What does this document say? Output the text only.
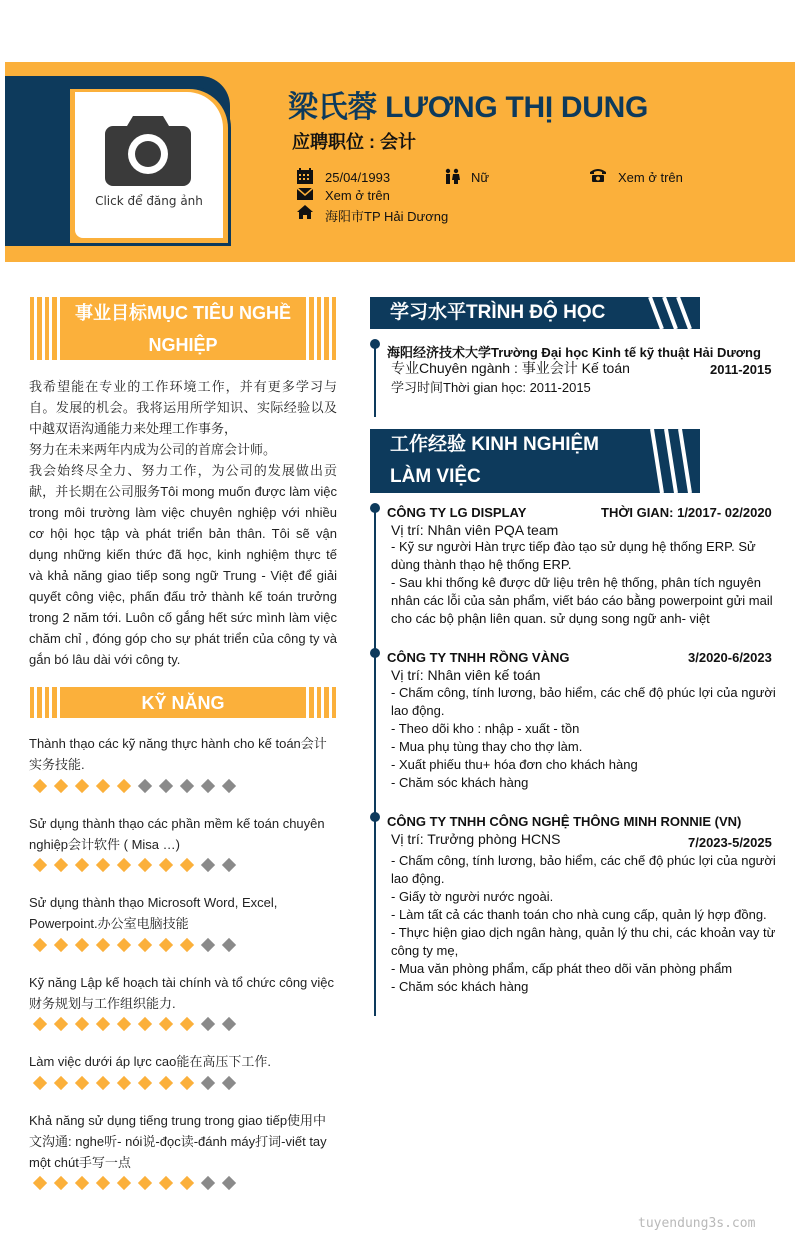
Click để đăng ảnh
梁氏蓉 LƯƠNG THỊ DUNG
应聘职位 : 会计
25/04/1993	Nữ	Xem ở trên
Xem ở trên
海阳市TP Hải Dương
事业目标MỤC TIÊU NGHỀ NGHIỆP
我希望能在专业的工作环境工作，并有更多学习与自。发展的机会。我将运用所学知识、实际经验以及中越双语沟通能力来处理工作事务，
努力在未来两年内成为公司的首席会计师。
我会始终尽全力、努力工作，为公司的发展做出贡献，并长期在公司服务Tôi mong muốn được làm việc trong môi trường làm việc chuyên nghiệp với nhiều cơ hội học tập và phát triển bản thân. Tôi sẽ vận dụng những kiến thức đã học, kinh nghiệm thực tế và khả năng giao tiếp song ngữ Trung - Việt để giải quyết công việc, phấn đấu trở thành kế toán trưởng trong 2 năm tới. Luôn cố gắng hết sức mình làm việc chăm chỉ , đóng góp cho sự phát triển của công ty và gắn bó lâu dài với công ty.
KỸ NĂNG
Thành thạo các kỹ năng thực hành cho kế toán会计实务技能.
Sử dụng thành thạo các phần mềm kế toán chuyên nghiệp会计软件 ( Misa …)
Sử dụng thành thạo Microsoft Word, Excel, Powerpoint.办公室电脑技能
Kỹ năng Lập kế hoạch tài chính và tổ chức công việc财务规划与工作组织能力.
Làm việc dưới áp lực cao能在高压下工作.
Khả năng sử dụng tiếng trung trong giao tiếp使用中文沟通: nghe听- nói说-đọc读-đánh máy打词-viết tay một chút手写一点
学习水平TRÌNH ĐỘ HỌC
海阳经济技术大学Trường Đại học Kinh tế kỹ thuật Hải Dương
专业Chuyên ngành : 事业会计 Kế toán	2011-2015
学习时间Thời gian học: 2011-2015
工作经验 KINH NGHIỆM LÀM VIỆC
CÔNG TY LG DISPLAY	THỜI GIAN: 1/2017- 02/2020
Vị trí: Nhân viên PQA team
- Kỹ sư người Hàn trực tiếp đào tạo sử dụng hệ thống ERP. Sử dùng thành thạo hệ thống ERP.
- Sau khi thống kê được dữ liệu trên hệ thống, phân tích nguyên nhân các lỗi của sản phẩm, viết báo cáo bằng powerpoint gửi mail cho các bộ phận liên quan. sử dụng song ngữ anh- việt
CÔNG TY TNHH RỒNG VÀNG	3/2020-6/2023
Vị trí: Nhân viên kế toán
- Chấm công, tính lương, bảo hiểm, các chế độ phúc lợi của người lao động.
- Theo dõi kho : nhập - xuất - tồn
- Mua phụ tùng thay cho thợ làm.
- Xuất phiếu thu+ hóa đơn cho khách hàng
- Chăm sóc khách hàng
CÔNG TY TNHH CÔNG NGHỆ THÔNG MINH RONNIE (VN)
Vị trí: Trưởng phòng HCNS	7/2023-5/2025
- Chấm công, tính lương, bảo hiểm, các chế độ phúc lợi của người lao động.
- Giấy tờ người nước ngoài.
- Làm tất cả các thanh toán cho nhà cung cấp, quản lý hợp đồng.
- Thực hiện giao dịch ngân hàng, quản lý thu chi, các khoản vay từ công ty mẹ,
- Mua văn phòng phẩm, cấp phát theo dõi văn phòng phẩm
- Chăm sóc khách hàng
tuyendung3s.com
